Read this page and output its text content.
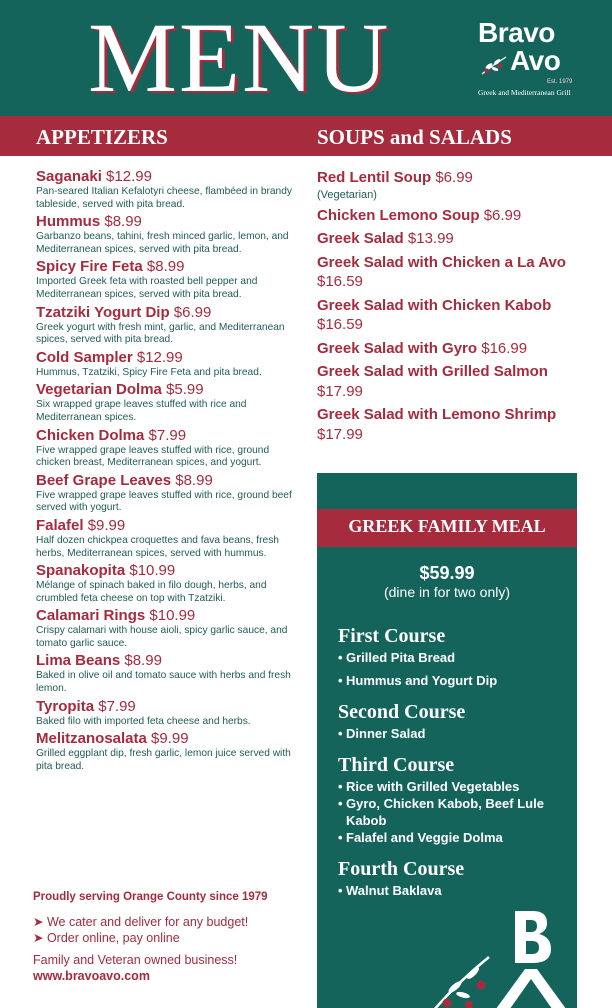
MENU	Bravo
Avo
Est. 1979
Greek and Mediterranean Grill
APPETIZERS	SOUPS and SALADS
Saganaki $12.99
Pan-seared Italian Kefalotyri cheese, flambéed in brandy tableside, served with pita bread.
Hummus $8.99
Garbanzo beans, tahini, fresh minced garlic, lemon, and Mediterranean spices, served with pita bread.
Spicy Fire Feta $8.99
Imported Greek feta with roasted bell pepper and Mediterranean spices, served with pita bread.
Tzatziki Yogurt Dip $6.99
Greek yogurt with fresh mint, garlic, and Mediterranean spices, served with pita bread.
Cold Sampler $12.99
Hummus, Tzatziki, Spicy Fire Feta and pita bread.
Vegetarian Dolma $5.99
Six wrapped grape leaves stuffed with rice and Mediterranean spices.
Chicken Dolma $7.99
Five wrapped grape leaves stuffed with rice, ground chicken breast, Mediterranean spices, and yogurt.
Beef Grape Leaves $8.99
Five wrapped grape leaves stuffed with rice, ground beef served with yogurt.
Falafel $9.99
Half dozen chickpea croquettes and fava beans, fresh herbs, Mediterranean spices, served with hummus.
Spanakopita $10.99
Mélange of spinach baked in filo dough, herbs, and crumbled feta cheese on top with Tzatziki.
Calamari Rings $10.99
Crispy calamari with house aioli, spicy garlic sauce, and tomato garlic sauce.
Lima Beans $8.99
Baked in olive oil and tomato sauce with herbs and fresh lemon.
Tyropita $7.99
Baked filo with imported feta cheese and herbs.
Melitzanosalata $9.99
Grilled eggplant dip, fresh garlic, lemon juice served with pita bread.
Red Lentil Soup $6.99
(Vegetarian)
Chicken Lemono Soup $6.99
Greek Salad $13.99
Greek Salad with Chicken a La Avo $16.59
Greek Salad with Chicken Kabob $16.59
Greek Salad with Gyro $16.99
Greek Salad with Grilled Salmon $17.99
Greek Salad with Lemono Shrimp $17.99
Proudly serving Orange County since 1979
➤ We cater and deliver for any budget!
➤ Order online, pay online
Family and Veteran owned business!
www.bravoavo.com
GREEK FAMILY MEAL
$59.99
(dine in for two only)
First Course
• Grilled Pita Bread
• Hummus and Yogurt Dip
Second Course
• Dinner Salad
Third Course
• Rice with Grilled Vegetables
• Gyro, Chicken Kabob, Beef Lule Kabob
• Falafel and Veggie Dolma
Fourth Course
• Walnut Baklava
